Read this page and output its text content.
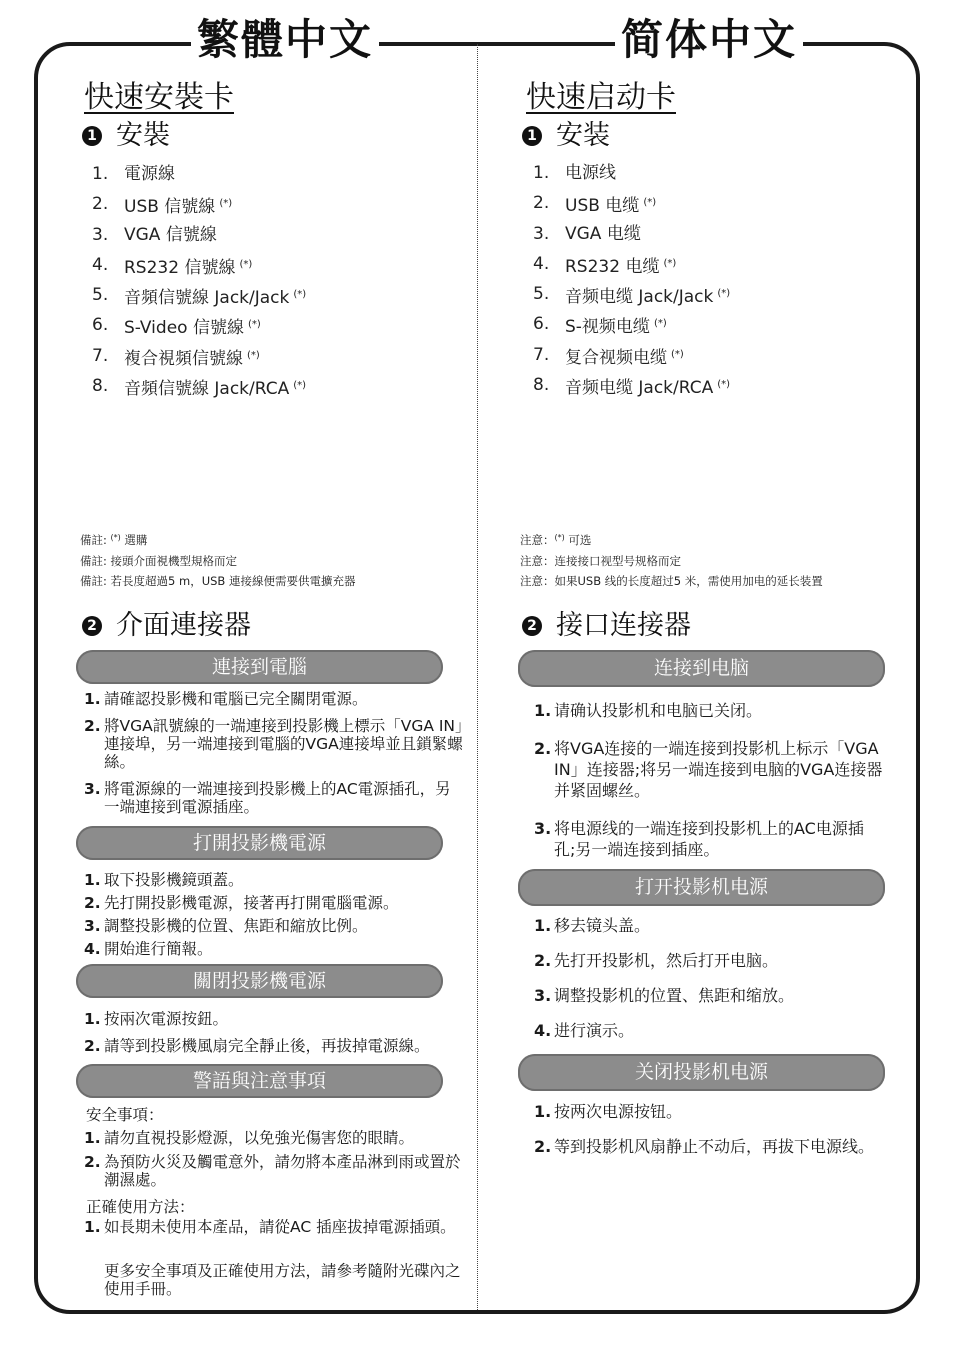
繁體中文	简体中文
快速安裝卡
1 安裝
1. 電源線
2. USB 信號線 (*)
3. VGA 信號線
4. RS232 信號線 (*)
5. 音頻信號線 Jack/Jack (*)
6. S-Video 信號線 (*)
7. 複合視頻信號線 (*)
8. 音頻信號線 Jack/RCA (*)
備註: (*) 選購
備註: 接頭介面視機型規格而定
備註: 若長度超過5 m，USB 連接線便需要供電擴充器
2 介面連接器
連接到電腦
1. 請確認投影機和電腦已完全關閉電源。
2. 將VGA訊號線的一端連接到投影機上標示「VGA IN」連接埠，另一端連接到電腦的VGA連接埠並且鎖緊螺絲。
3. 將電源線的一端連接到投影機上的AC電源插孔，另一端連接到電源插座。
打開投影機電源
1. 取下投影機鏡頭蓋。
2. 先打開投影機電源，接著再打開電腦電源。
3. 調整投影機的位置、焦距和縮放比例。
4. 開始進行簡報。
關閉投影機電源
1. 按兩次電源按鈕。
2. 請等到投影機風扇完全靜止後，再拔掉電源線。
警語與注意事項
安全事項：
1. 請勿直視投影燈源，以免強光傷害您的眼睛。
2. 為預防火災及觸電意外，請勿將本產品淋到雨或置於潮濕處。
正確使用方法：
1. 如長期未使用本產品，請從AC 插座拔掉電源插頭。
更多安全事項及正確使用方法，請參考隨附光碟內之使用手冊。
快速启动卡
1 安装
1. 电源线
2. USB 电缆 (*)
3. VGA 电缆
4. RS232 电缆 (*)
5. 音频电缆 Jack/Jack (*)
6. S-视频电缆 (*)
7. 复合视频电缆 (*)
8. 音频电缆 Jack/RCA (*)
注意：(*) 可选
注意：连接接口视型号规格而定
注意：如果USB 线的长度超过5 米，需使用加电的延长装置
2 接口连接器
连接到电脑
1. 请确认投影机和电脑已关闭。
2. 将VGA连接的一端连接到投影机上标示「VGA IN」连接器;将另一端连接到电脑的VGA连接器并紧固螺丝。
3. 将电源线的一端连接到投影机上的AC电源插孔;另一端连接到插座。
打开投影机电源
1. 移去镜头盖。
2. 先打开投影机，然后打开电脑。
3. 调整投影机的位置、焦距和缩放。
4. 进行演示。
关闭投影机电源
1. 按两次电源按钮。
2. 等到投影机风扇静止不动后，再拔下电源线。
